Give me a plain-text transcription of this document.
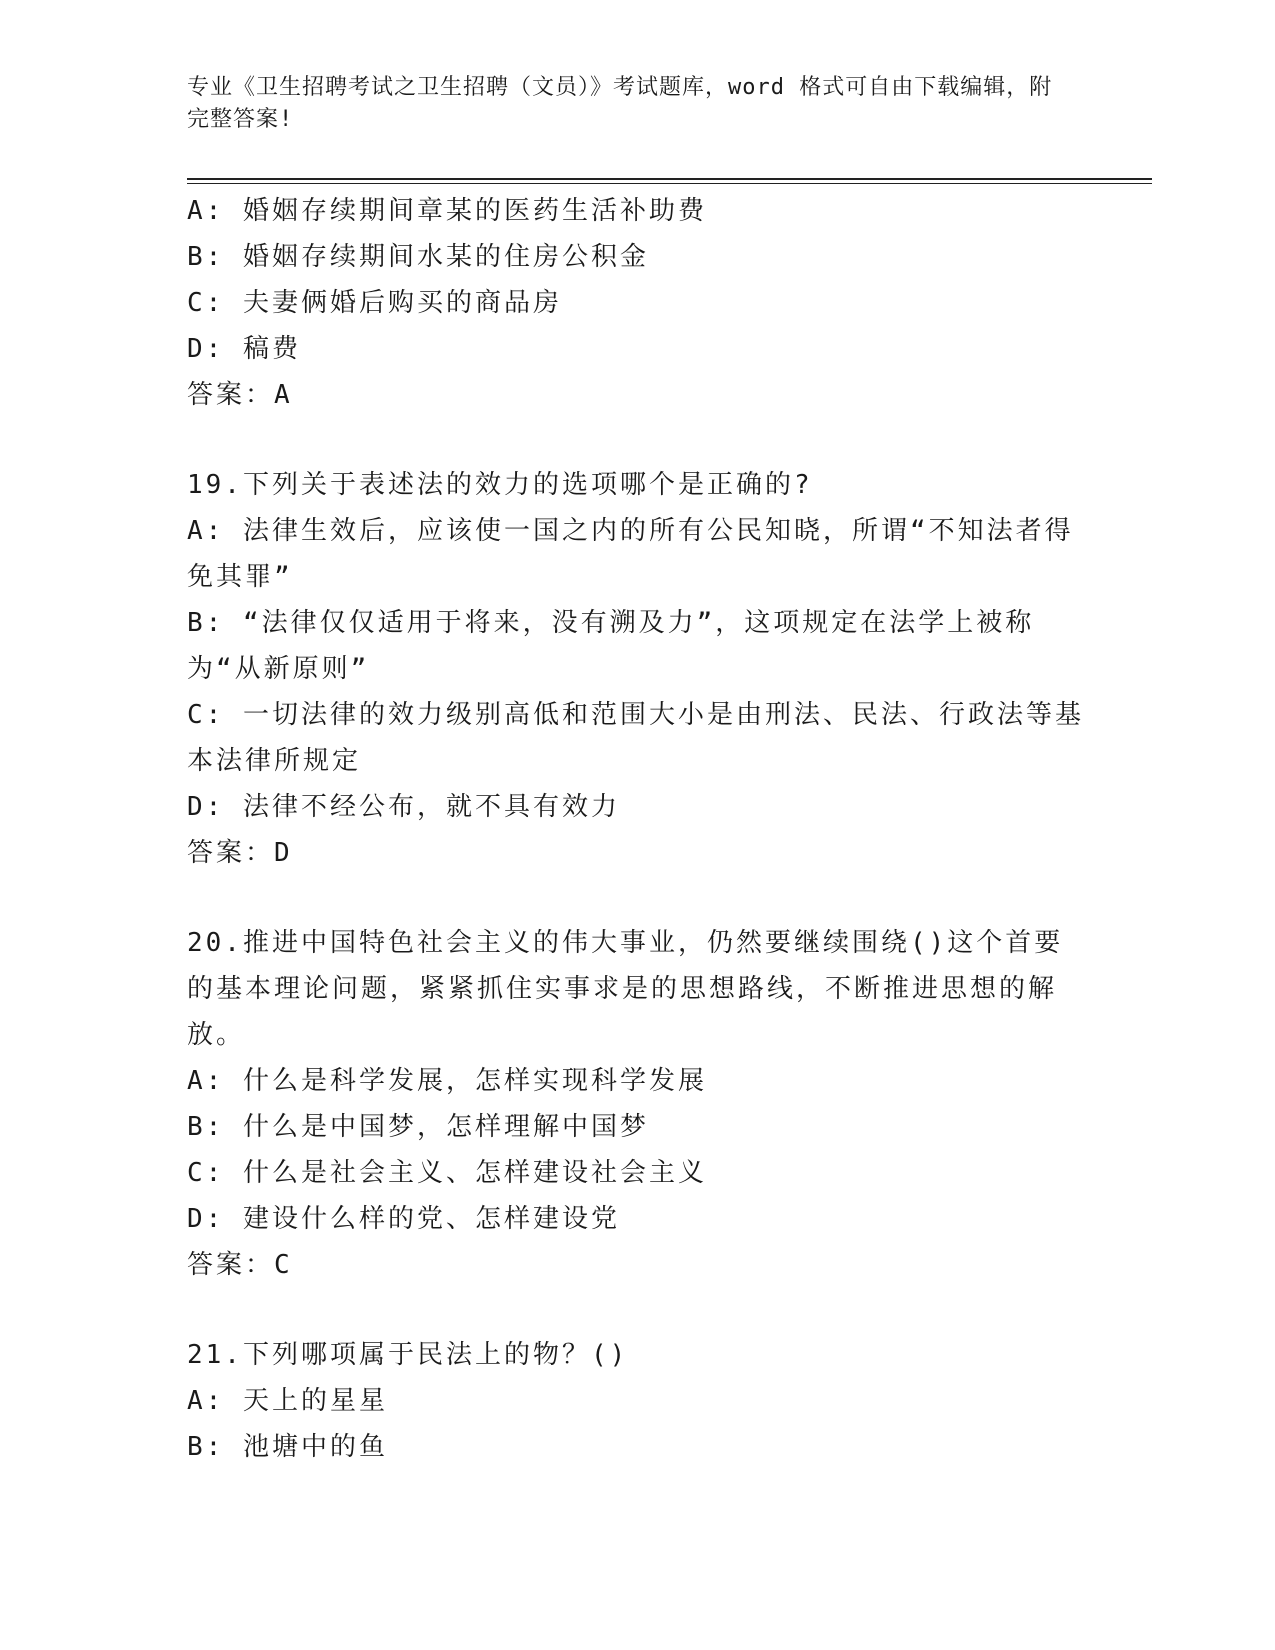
专业《卫生招聘考试之卫生招聘（文员）》考试题库，word 格式可自由下载编辑，附完整答案!
A: 婚姻存续期间章某的医药生活补助费
B: 婚姻存续期间水某的住房公积金
C: 夫妻俩婚后购买的商品房
D: 稿费
答案：A
19.下列关于表述法的效力的选项哪个是正确的?
A: 法律生效后，应该使一国之内的所有公民知晓，所谓“不知法者得免其罪”
B: “法律仅仅适用于将来，没有溯及力”，这项规定在法学上被称为“从新原则”
C: 一切法律的效力级别高低和范围大小是由刑法、民法、行政法等基本法律所规定
D: 法律不经公布，就不具有效力
答案：D
20.推进中国特色社会主义的伟大事业，仍然要继续围绕()这个首要的基本理论问题，紧紧抓住实事求是的思想路线，不断推进思想的解放。
A: 什么是科学发展，怎样实现科学发展
B: 什么是中国梦，怎样理解中国梦
C: 什么是社会主义、怎样建设社会主义
D: 建设什么样的党、怎样建设党
答案：C
21.下列哪项属于民法上的物？()
A: 天上的星星
B: 池塘中的鱼
